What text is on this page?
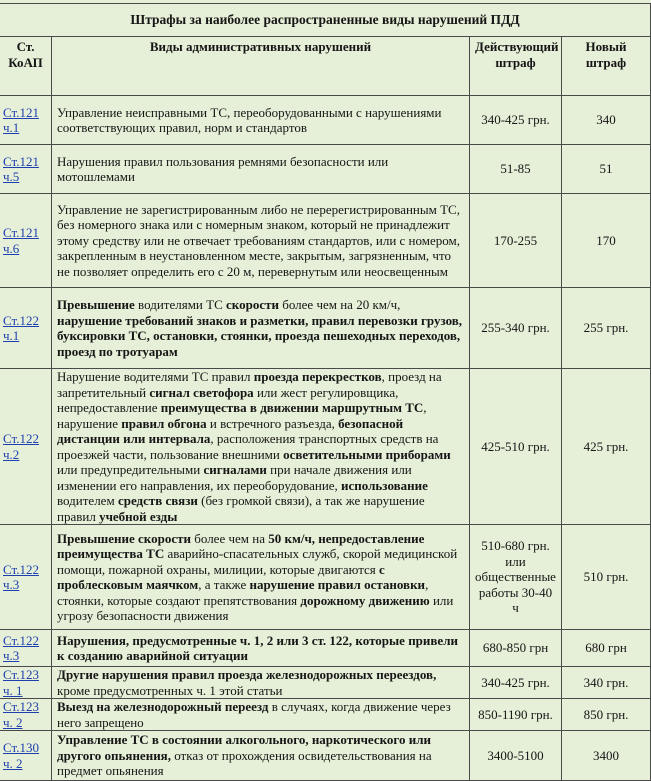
Штрафы за наиболее распространенные виды нарушений ПДД			
Ст. КоАП	Виды административных нарушений	Действующий штраф	Новый штраф
Ст.121 ч.1	Управление неисправными ТС, переоборудованными с нарушениями соответствующих правил, норм и стандартов	340-425 грн.	340
Ст.121 ч.5	Нарушения правил пользования ремнями безопасности или мотошлемами	51-85	51
Ст.121 ч.6	Управление не зарегистрированным либо не перерегистрированным ТС, без номерного знака или с номерным знаком, который не принадлежит этому средству или не отвечает требованиям стандартов, или с номером, закрепленным в неустановленном месте, закрытым, загрязненным, что не позволяет определить его с 20 м, перевернутым или неосвещенным	170-255	170
Ст.122 ч.1	Превышение водителями ТС скорости более чем на 20 км/ч, нарушение требований знаков и разметки, правил перевозки грузов, буксировки ТС, остановки, стоянки, проезда пешеходных переходов, проезд по тротуарам	255-340 грн.	255 грн.
Ст.122 ч.2	Нарушение водителями ТС правил проезда перекрестков, проезд на запретительный сигнал светофора или жест регулировщика, непредоставление преимущества в движении маршрутным ТС, нарушение правил обгона и встречного разъезда, безопасной дистанции или интервала, расположения транспортных средств на проезжей части, пользование внешними осветительными приборами или предупредительными сигналами при начале движения или изменении его направления, их переоборудование, использование водителем средств связи (без громкой связи), а так же нарушение правил учебной езды	425-510 грн.	425 грн.
Ст.122 ч.3	Превышение скорости более чем на 50 км/ч, непредоставление преимущества ТС аварийно-спасательных служб, скорой медицинской помощи, пожарной охраны, милиции, которые двигаются с проблесковым маячком, а также нарушение правил остановки, стоянки, которые создают препятствования дорожному движению или угрозу безопасности движения	510-680 грн. или общественные работы 30-40 ч	510 грн.
Ст.122 ч.3	Нарушения, предусмотренные ч. 1, 2 или 3 ст. 122, которые привели к созданию аварийной ситуации	680-850 грн	680 грн
Ст.123 ч. 1	Другие нарушения правил проезда железнодорожных переездов, кроме предусмотренных ч. 1 этой статьи	340-425 грн.	340 грн.
Ст.123 ч. 2	Выезд на железнодорожный переезд в случаях, когда движение через него запрещено	850-1190 грн.	850 грн.
Ст.130 ч. 2	Управление ТС в состоянии алкогольного, наркотического или другого опьянения, отказ от прохождения освидетельствования на предмет опьянения	3400-5100	3400
